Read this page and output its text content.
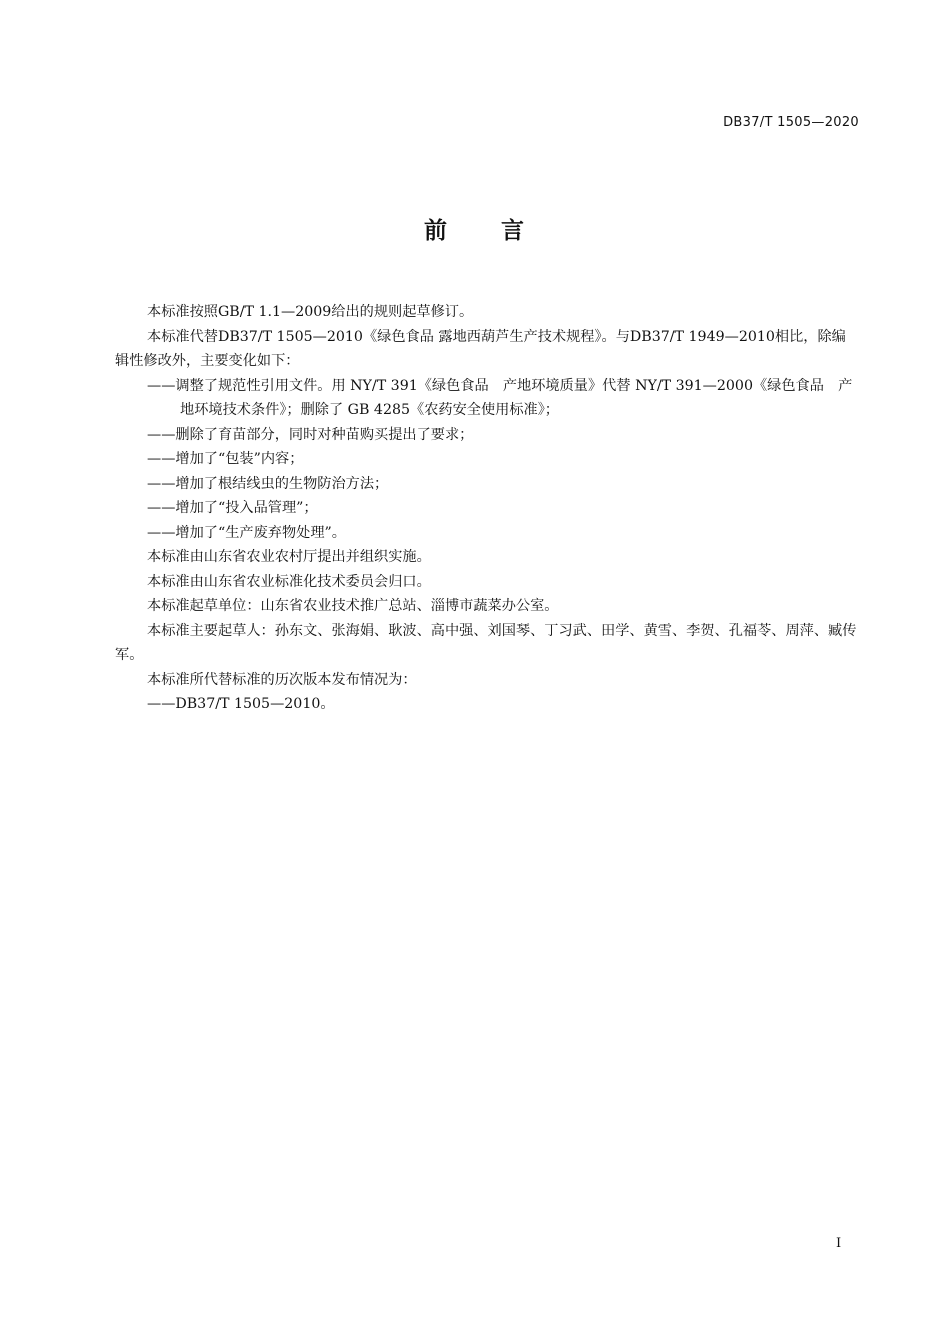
DB37/T 1505—2020
前 言

本标准按照GB/T 1.1—2009给出的规则起草修订。

本标准代替DB37/T 1505—2010《绿色食品 露地西葫芦生产技术规程》。与DB37/T 1949—2010相比，除编辑性修改外，主要变化如下：

——调整了规范性引用文件。用 NY/T 391《绿色食品　产地环境质量》代替 NY/T 391—2000《绿色食品　产地环境技术条件》；删除了 GB 4285《农药安全使用标准》；

——删除了育苗部分，同时对种苗购买提出了要求；

——增加了“包装”内容；

——增加了根结线虫的生物防治方法；

——增加了“投入品管理”；

——增加了“生产废弃物处理”。

本标准由山东省农业农村厅提出并组织实施。

本标准由山东省农业标准化技术委员会归口。

本标准起草单位：山东省农业技术推广总站、淄博市蔬菜办公室。

本标准主要起草人：孙东文、张海娟、耿波、高中强、刘国琴、丁习武、田学、黄雪、李贺、孔福苓、周萍、臧传军。

本标准所代替标准的历次版本发布情况为：

——DB37/T 1505—2010。

I
